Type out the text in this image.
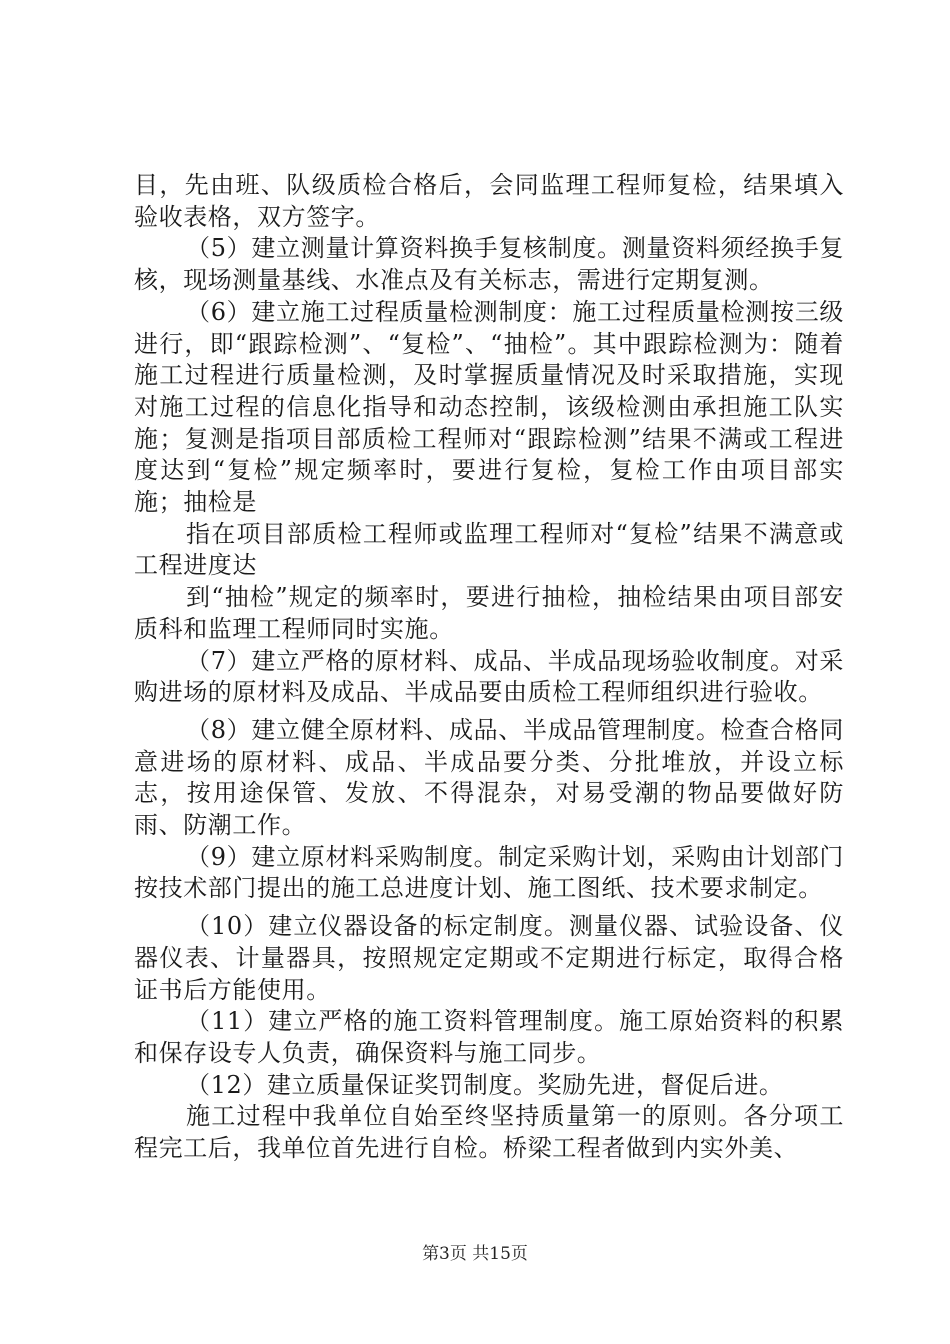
目，先由班、队级质检合格后，会同监理工程师复检，结果填入验收表格，双方签字。

（5）建立测量计算资料换手复核制度。测量资料须经换手复核，现场测量基线、水准点及有关标志，需进行定期复测。

（6）建立施工过程质量检测制度：施工过程质量检测按三级进行，即“跟踪检测”、“复检”、“抽检”。其中跟踪检测为：随着施工过程进行质量检测，及时掌握质量情况及时采取措施，实现对施工过程的信息化指导和动态控制，该级检测由承担施工队实施；复测是指项目部质检工程师对“跟踪检测”结果不满或工程进度达到“复检”规定频率时，要进行复检，复检工作由项目部实施；抽检是

指在项目部质检工程师或监理工程师对“复检”结果不满意或工程进度达

到“抽检”规定的频率时，要进行抽检，抽检结果由项目部安质科和监理工程师同时实施。

（7）建立严格的原材料、成品、半成品现场验收制度。对采购进场的原材料及成品、半成品要由质检工程师组织进行验收。

（8）建立健全原材料、成品、半成品管理制度。检查合格同意进场的原材料、成品、半成品要分类、分批堆放，并设立标志，按用途保管、发放、不得混杂，对易受潮的物品要做好防雨、防潮工作。

（9）建立原材料采购制度。制定采购计划，采购由计划部门按技术部门提出的施工总进度计划、施工图纸、技术要求制定。

（10）建立仪器设备的标定制度。测量仪器、试验设备、仪器仪表、计量器具，按照规定定期或不定期进行标定，取得合格证书后方能使用。

（11）建立严格的施工资料管理制度。施工原始资料的积累和保存设专人负责，确保资料与施工同步。

（12）建立质量保证奖罚制度。奖励先进，督促后进。

施工过程中我单位自始至终坚持质量第一的原则。各分项工程完工后，我单位首先进行自检。桥梁工程者做到内实外美、

第3页 共15页
